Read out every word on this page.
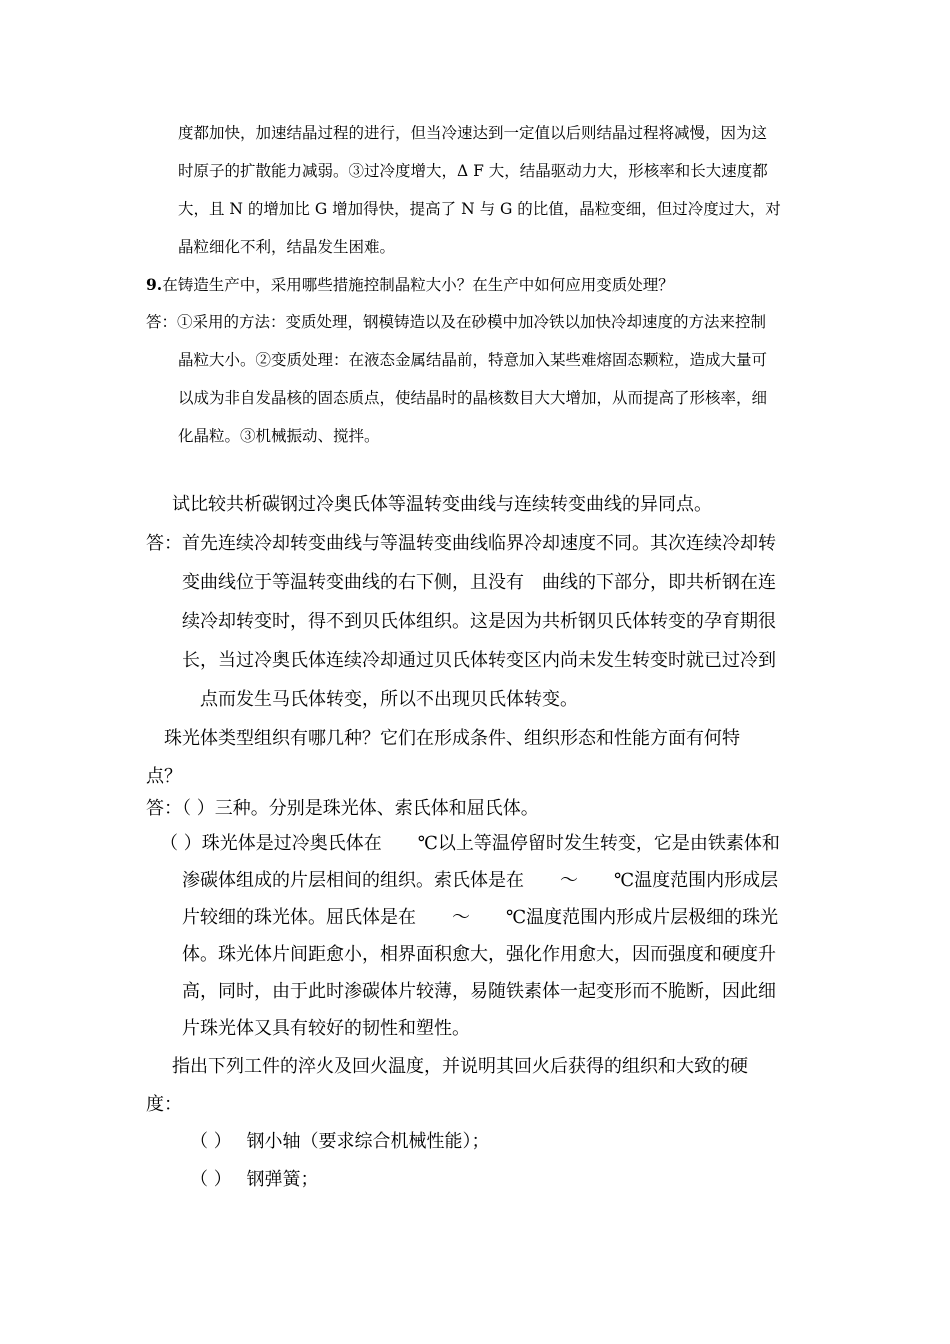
度都加快，加速结晶过程的进行，但当冷速达到一定值以后则结晶过程将减慢，因为这
时原子的扩散能力减弱。③过冷度增大，Δ F 大，结晶驱动力大，形核率和长大速度都
大，且 N 的增加比 G 增加得快，提高了 N 与 G 的比值，晶粒变细，但过冷度过大，对
晶粒细化不利，结晶发生困难。
9.在铸造生产中，采用哪些措施控制晶粒大小？在生产中如何应用变质处理？
答：①采用的方法：变质处理，钢模铸造以及在砂模中加冷铁以加快冷却速度的方法来控制
晶粒大小。②变质处理：在液态金属结晶前，特意加入某些难熔固态颗粒，造成大量可
以成为非自发晶核的固态质点，使结晶时的晶核数目大大增加，从而提高了形核率，细
化晶粒。③机械振动、搅拌。
试比较共析碳钢过冷奥氏体等温转变曲线与连续转变曲线的异同点。
答：首先连续冷却转变曲线与等温转变曲线临界冷却速度不同。其次连续冷却转
变曲线位于等温转变曲线的右下侧，且没有　曲线的下部分，即共析钢在连
续冷却转变时，得不到贝氏体组织。这是因为共析钢贝氏体转变的孕育期很
长，当过冷奥氏体连续冷却通过贝氏体转变区内尚未发生转变时就已过冷到
点而发生马氏体转变，所以不出现贝氏体转变。
珠光体类型组织有哪几种？它们在形成条件、组织形态和性能方面有何特
点？
答：（ ）三种。分别是珠光体、索氏体和屈氏体。
（ ）珠光体是过冷奥氏体在　　℃以上等温停留时发生转变，它是由铁素体和
渗碳体组成的片层相间的组织。索氏体是在　　～　　℃温度范围内形成层
片较细的珠光体。屈氏体是在　　～　　℃温度范围内形成片层极细的珠光
体。珠光体片间距愈小，相界面积愈大，强化作用愈大，因而强度和硬度升
高，同时，由于此时渗碳体片较薄，易随铁素体一起变形而不脆断，因此细
片珠光体又具有较好的韧性和塑性。
指出下列工件的淬火及回火温度，并说明其回火后获得的组织和大致的硬
度：
（ ）　 钢小轴（要求综合机械性能）；
（ ）　 钢弹簧；
